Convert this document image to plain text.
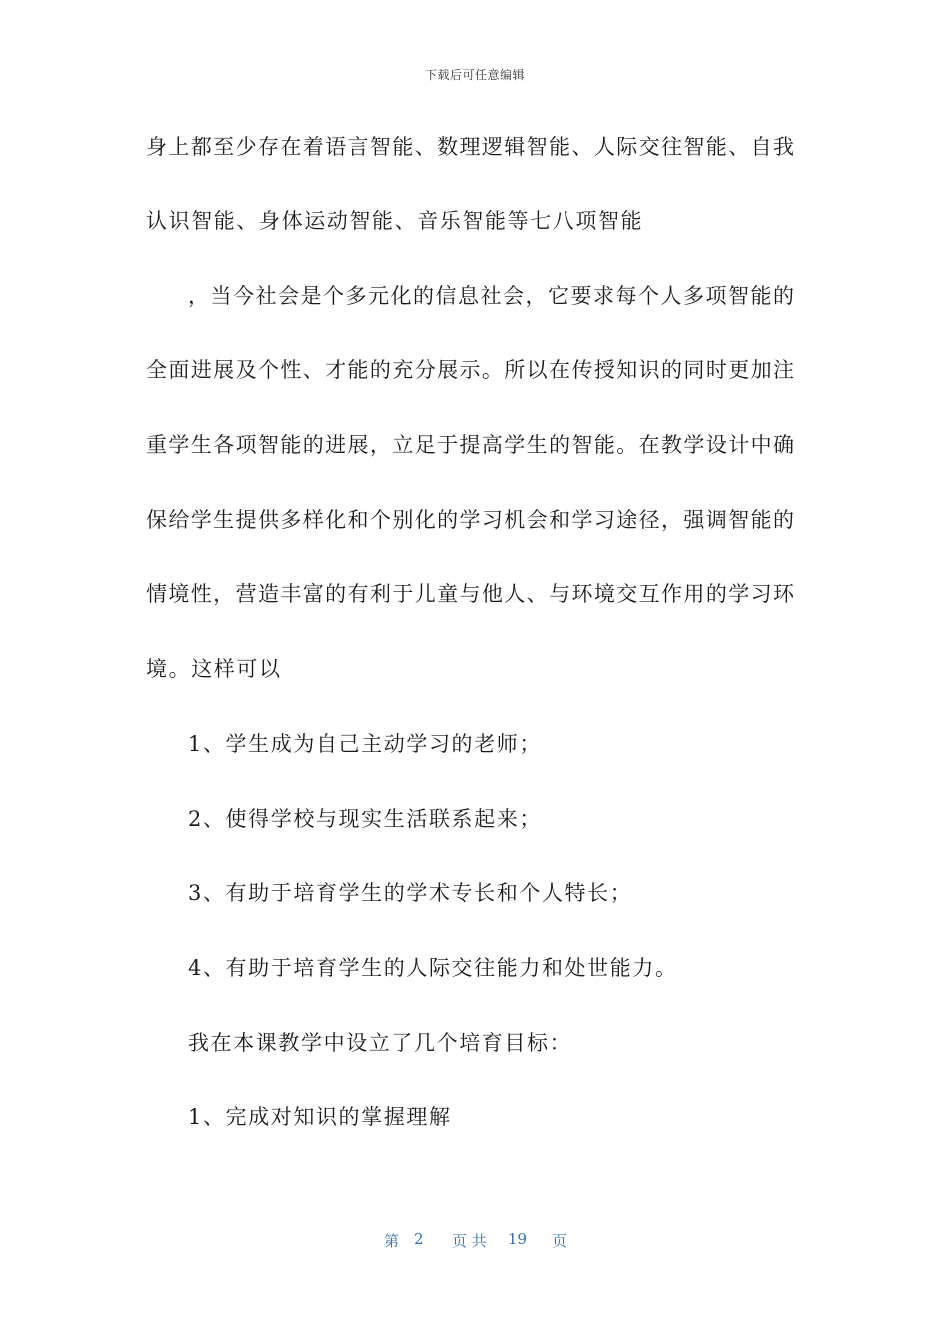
下载后可任意编辑
身上都至少存在着语言智能、数理逻辑智能、人际交往智能、自我
认识智能、身体运动智能、音乐智能等七八项智能
，当今社会是个多元化的信息社会，它要求每个人多项智能的
全面进展及个性、才能的充分展示。所以在传授知识的同时更加注
重学生各项智能的进展，立足于提高学生的智能。在教学设计中确
保给学生提供多样化和个别化的学习机会和学习途径，强调智能的
情境性，营造丰富的有利于儿童与他人、与环境交互作用的学习环
境。这样可以
1、学生成为自己主动学习的老师；
2、使得学校与现实生活联系起来；
3、有助于培育学生的学术专长和个人特长；
4、有助于培育学生的人际交往能力和处世能力。
我在本课教学中设立了几个培育目标：
1、完成对知识的掌握理解
第 2 页 共 19 页
